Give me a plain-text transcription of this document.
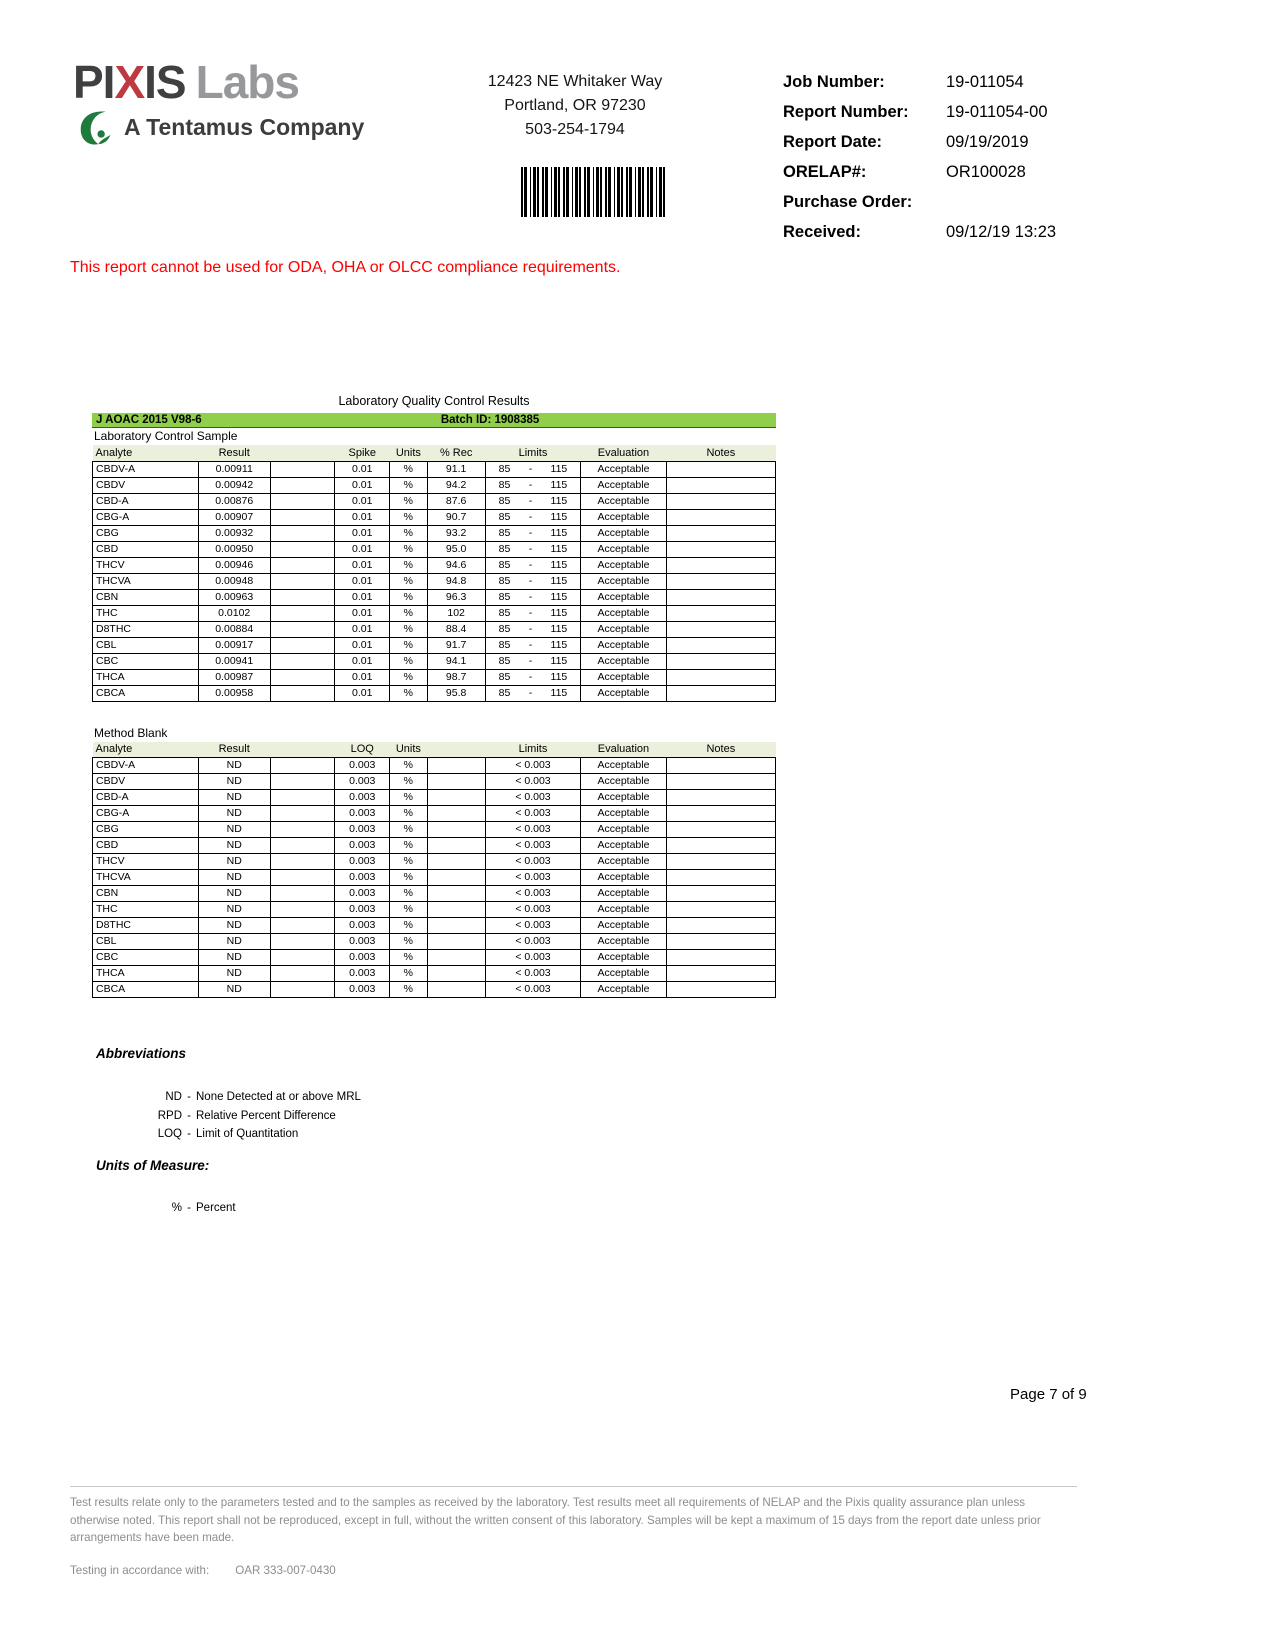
PIXIS Labs
A Tentamus Company
12423 NE Whitaker Way
Portland, OR 97230
503-254-1794
Job Number:	19-011054
Report Number:	19-011054-00
Report Date:	09/19/2019
ORELAP#:	OR100028
Purchase Order:
Received:	09/12/19 13:23
This report cannot be used for ODA, OHA or OLCC compliance requirements.
Laboratory Quality Control Results
J AOAC 2015 V98-6	Batch ID: 1908385
Laboratory Control Sample
Analyte	Result		Spike	Units	% Rec	Limits	Evaluation	Notes
CBDV-A	0.00911		0.01	%	91.1	85 - 115	Acceptable	
CBDV	0.00942		0.01	%	94.2	85 - 115	Acceptable	
CBD-A	0.00876		0.01	%	87.6	85 - 115	Acceptable	
CBG-A	0.00907		0.01	%	90.7	85 - 115	Acceptable	
CBG	0.00932		0.01	%	93.2	85 - 115	Acceptable	
CBD	0.00950		0.01	%	95.0	85 - 115	Acceptable	
THCV	0.00946		0.01	%	94.6	85 - 115	Acceptable	
THCVA	0.00948		0.01	%	94.8	85 - 115	Acceptable	
CBN	0.00963		0.01	%	96.3	85 - 115	Acceptable	
THC	0.0102		0.01	%	102	85 - 115	Acceptable	
D8THC	0.00884		0.01	%	88.4	85 - 115	Acceptable	
CBL	0.00917		0.01	%	91.7	85 - 115	Acceptable	
CBC	0.00941		0.01	%	94.1	85 - 115	Acceptable	
THCA	0.00987		0.01	%	98.7	85 - 115	Acceptable	
CBCA	0.00958		0.01	%	95.8	85 - 115	Acceptable	
Method Blank
Analyte	Result		LOQ	Units		Limits	Evaluation	Notes
CBDV-A	ND		0.003	%		< 0.003	Acceptable	
CBDV	ND		0.003	%		< 0.003	Acceptable	
CBD-A	ND		0.003	%		< 0.003	Acceptable	
CBG-A	ND		0.003	%		< 0.003	Acceptable	
CBG	ND		0.003	%		< 0.003	Acceptable	
CBD	ND		0.003	%		< 0.003	Acceptable	
THCV	ND		0.003	%		< 0.003	Acceptable	
THCVA	ND		0.003	%		< 0.003	Acceptable	
CBN	ND		0.003	%		< 0.003	Acceptable	
THC	ND		0.003	%		< 0.003	Acceptable	
D8THC	ND		0.003	%		< 0.003	Acceptable	
CBL	ND		0.003	%		< 0.003	Acceptable	
CBC	ND		0.003	%		< 0.003	Acceptable	
THCA	ND		0.003	%		< 0.003	Acceptable	
CBCA	ND		0.003	%		< 0.003	Acceptable	
Abbreviations
ND - None Detected at or above MRL
RPD - Relative Percent Difference
LOQ - Limit of Quantitation
Units of Measure:
% - Percent
Page 7 of 9
Test results relate only to the parameters tested and to the samples as received by the laboratory. Test results meet all requirements of NELAP and the Pixis quality assurance plan unless otherwise noted. This report shall not be reproduced, except in full, without the written consent of this laboratory. Samples will be kept a maximum of 15 days from the report date unless prior arrangements have been made.
Testing in accordance with: OAR 333-007-0430
